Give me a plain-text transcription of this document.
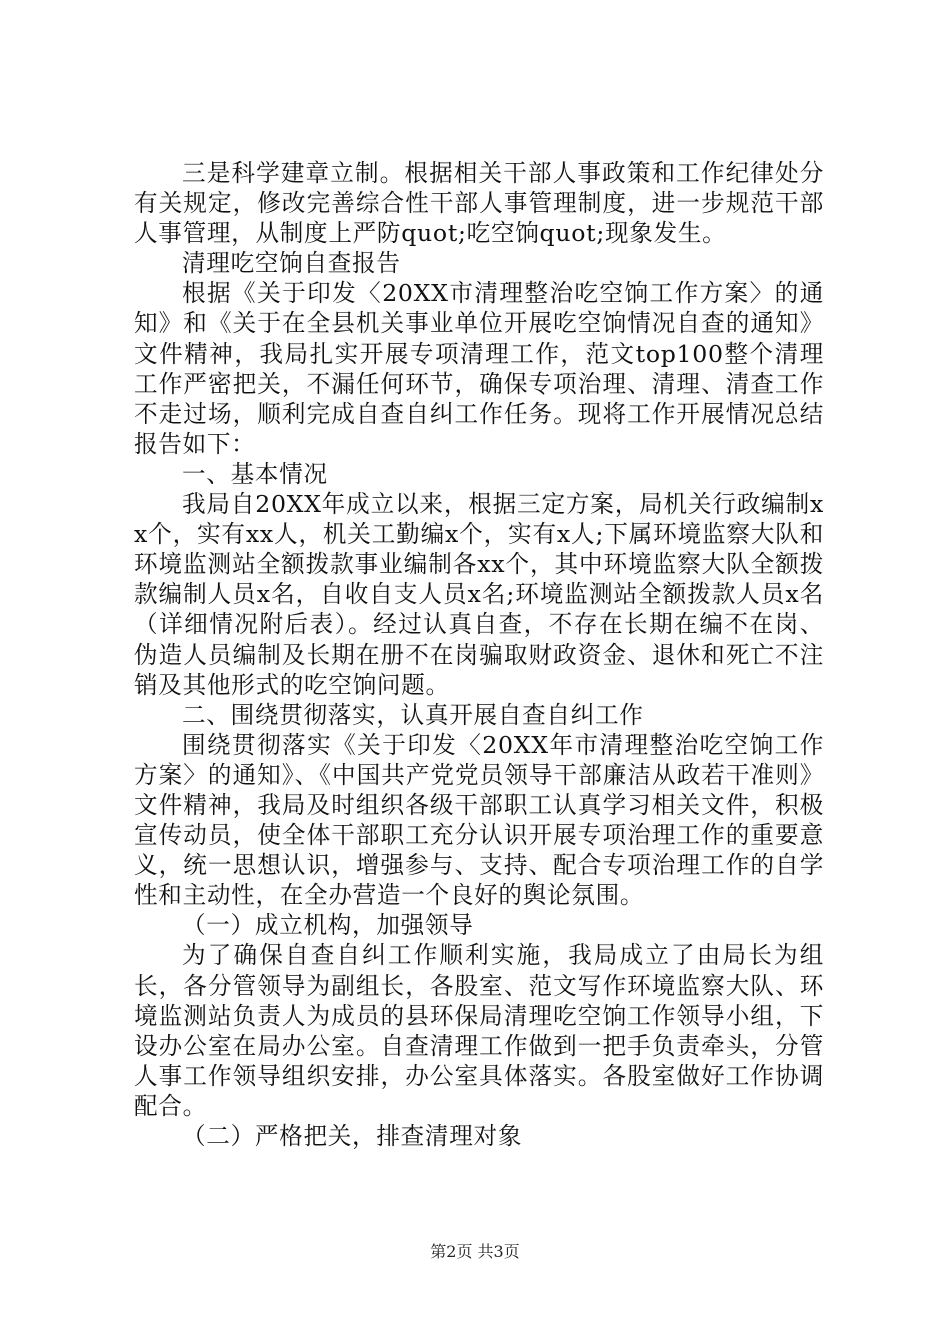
三是科学建章立制。根据相关干部人事政策和工作纪律处分有关规定，修改完善综合性干部人事管理制度，进一步规范干部人事管理，从制度上严防quot;吃空饷quot;现象发生。

清理吃空饷自查报告

根据《关于印发〈20XX市清理整治吃空饷工作方案〉的通知》和《关于在全县机关事业单位开展吃空饷情况自查的通知》文件精神，我局扎实开展专项清理工作，范文top100整个清理工作严密把关，不漏任何环节，确保专项治理、清理、清查工作不走过场，顺利完成自查自纠工作任务。现将工作开展情况总结报告如下：

一、基本情况

我局自20XX年成立以来，根据三定方案，局机关行政编制xx个，实有xx人，机关工勤编x个，实有x人;下属环境监察大队和环境监测站全额拨款事业编制各xx个，其中环境监察大队全额拨款编制人员x名，自收自支人员x名;环境监测站全额拨款人员x名（详细情况附后表）。经过认真自查，不存在长期在编不在岗、伪造人员编制及长期在册不在岗骗取财政资金、退休和死亡不注销及其他形式的吃空饷问题。

二、围绕贯彻落实，认真开展自查自纠工作

围绕贯彻落实《关于印发〈20XX年市清理整治吃空饷工作方案〉的通知》、《中国共产党党员领导干部廉洁从政若干准则》文件精神，我局及时组织各级干部职工认真学习相关文件，积极宣传动员，使全体干部职工充分认识开展专项治理工作的重要意义，统一思想认识，增强参与、支持、配合专项治理工作的自学性和主动性，在全办营造一个良好的舆论氛围。

（一）成立机构，加强领导

为了确保自查自纠工作顺利实施，我局成立了由局长为组长，各分管领导为副组长，各股室、范文写作环境监察大队、环境监测站负责人为成员的县环保局清理吃空饷工作领导小组，下设办公室在局办公室。自查清理工作做到一把手负责牵头，分管人事工作领导组织安排，办公室具体落实。各股室做好工作协调配合。

（二）严格把关，排查清理对象

第2页 共3页
